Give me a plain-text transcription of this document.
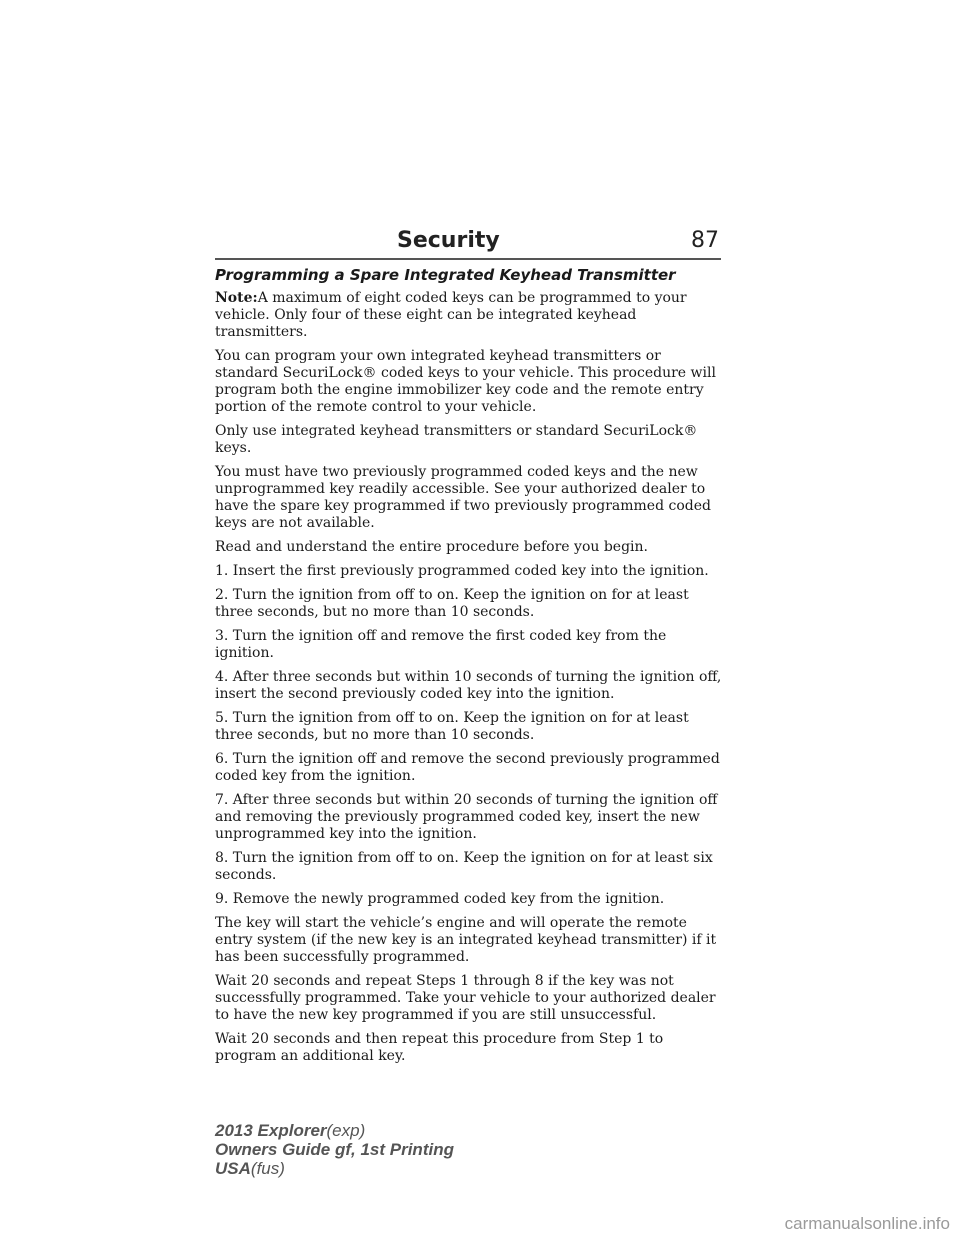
Security	87
Programming a Spare Integrated Keyhead Transmitter

Note:A maximum of eight coded keys can be programmed to your vehicle. Only four of these eight can be integrated keyhead transmitters.

You can program your own integrated keyhead transmitters or standard SecuriLock® coded keys to your vehicle. This procedure will program both the engine immobilizer key code and the remote entry portion of the remote control to your vehicle.

Only use integrated keyhead transmitters or standard SecuriLock® keys.

You must have two previously programmed coded keys and the new unprogrammed key readily accessible. See your authorized dealer to have the spare key programmed if two previously programmed coded keys are not available.

Read and understand the entire procedure before you begin.

1. Insert the first previously programmed coded key into the ignition.

2. Turn the ignition from off to on. Keep the ignition on for at least three seconds, but no more than 10 seconds.

3. Turn the ignition off and remove the first coded key from the ignition.

4. After three seconds but within 10 seconds of turning the ignition off, insert the second previously coded key into the ignition.

5. Turn the ignition from off to on. Keep the ignition on for at least three seconds, but no more than 10 seconds.

6. Turn the ignition off and remove the second previously programmed coded key from the ignition.

7. After three seconds but within 20 seconds of turning the ignition off and removing the previously programmed coded key, insert the new unprogrammed key into the ignition.

8. Turn the ignition from off to on. Keep the ignition on for at least six seconds.

9. Remove the newly programmed coded key from the ignition.

The key will start the vehicle’s engine and will operate the remote entry system (if the new key is an integrated keyhead transmitter) if it has been successfully programmed.

Wait 20 seconds and repeat Steps 1 through 8 if the key was not successfully programmed. Take your vehicle to your authorized dealer to have the new key programmed if you are still unsuccessful.

Wait 20 seconds and then repeat this procedure from Step 1 to program an additional key.

2013 Explorer(exp)
Owners Guide gf, 1st Printing
USA(fus)
carmanualsonline.info
